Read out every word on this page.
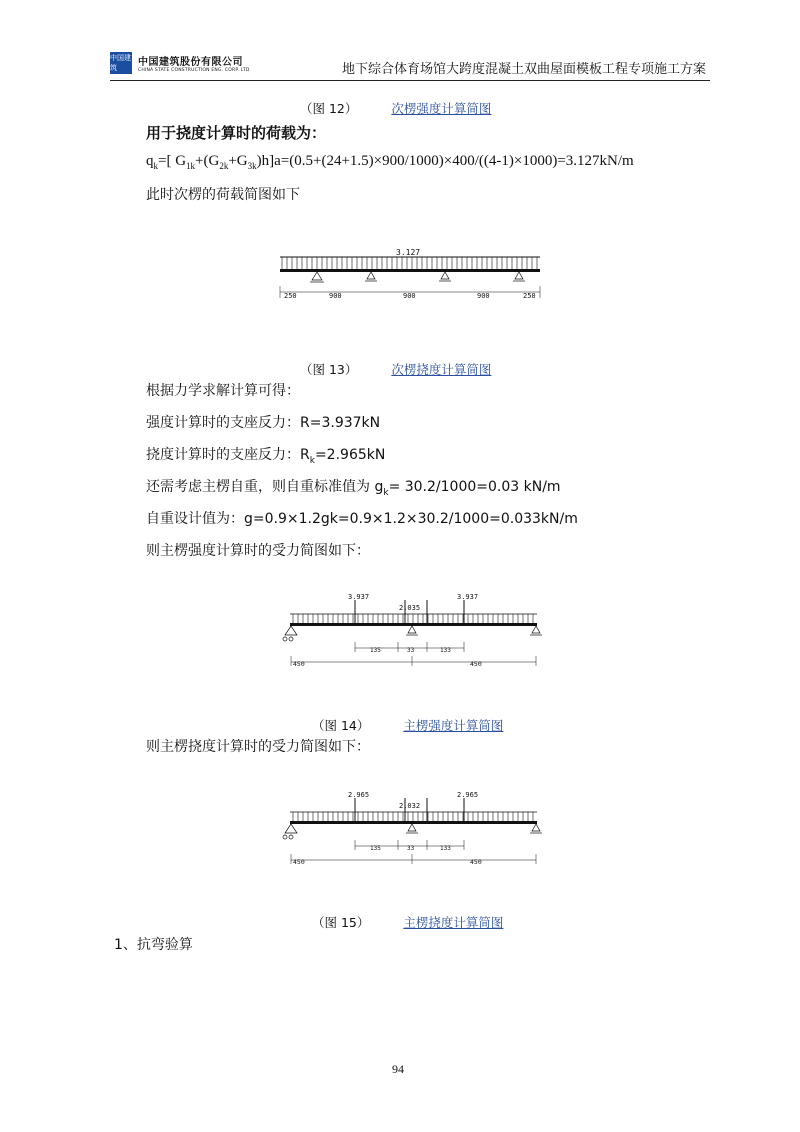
中国建筑	中国建筑股份有限公司
CHINA STATE CONSTRUCTION ENG. CORP. LTD	地下综合体育场馆大跨度混凝土双曲屋面模板工程专项施工方案
（图 12）	次楞强度计算简图
用于挠度计算时的荷载为：
$q_k=$[ $G_{1k}+(G_{2k}+G_{3k})h]a=(0.5+(24+1.5)\times 900/1000)\times 400/((4-1)\times 1000)=3.127kN/m$
此时次楞的荷载简图如下
3.127
250	900	900	900	250
（图 13）	次楞挠度计算简图
根据力学求解计算可得：
强度计算时的支座反力：R=3.937kN
挠度计算时的支座反力：$R_k=2.965kN$
还需考虑主楞自重，则自重标准值为 $g_k= 30.2/1000=0.03$ kN/m
自重设计值为：g=0.9×1.2gk=0.9×1.2×30.2/1000=0.033kN/m
则主楞强度计算时的受力简图如下：
3.937	3.937
2.035
135	33	133
450	450
（图 14）	主楞强度计算简图
则主楞挠度计算时的受力简图如下：
2.965	2.965
2.032
135	33	133
450	450
（图 15）	主楞挠度计算简图
1、抗弯验算
94
